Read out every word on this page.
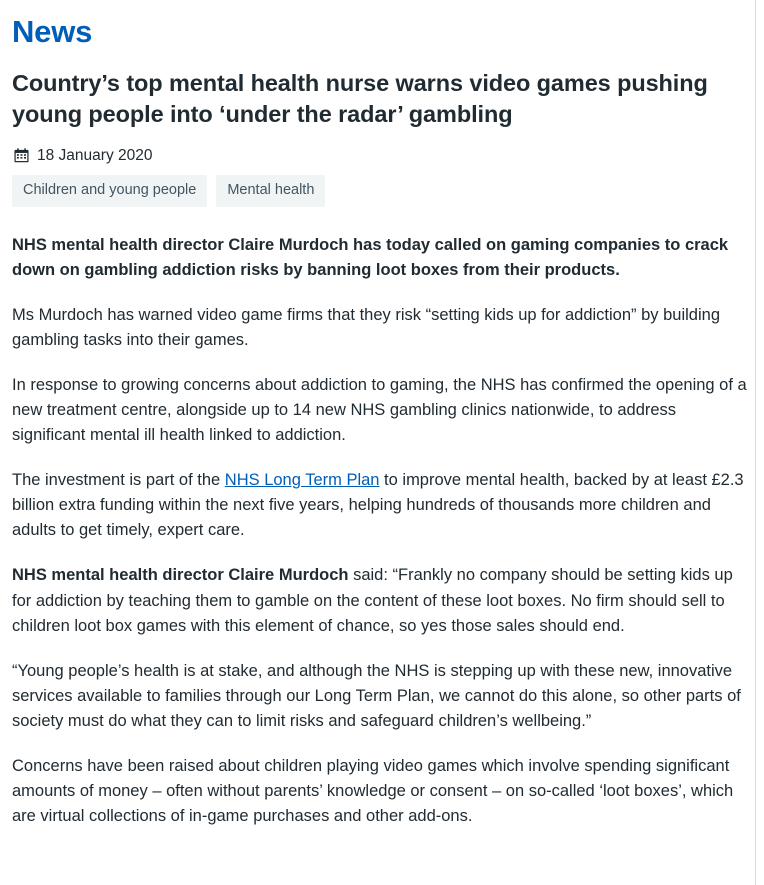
News
Country’s top mental health nurse warns video games pushing young people into ‘under the radar’ gambling
18 January 2020
Children and young people	Mental health

NHS mental health director Claire Murdoch has today called on gaming companies to crack down on gambling addiction risks by banning loot boxes from their products.

Ms Murdoch has warned video game firms that they risk “setting kids up for addiction” by building gambling tasks into their games.

In response to growing concerns about addiction to gaming, the NHS has confirmed the opening of a new treatment centre, alongside up to 14 new NHS gambling clinics nationwide, to address significant mental ill health linked to addiction.

The investment is part of the NHS Long Term Plan to improve mental health, backed by at least £2.3 billion extra funding within the next five years, helping hundreds of thousands more children and adults to get timely, expert care.

NHS mental health director Claire Murdoch said: “Frankly no company should be setting kids up for addiction by teaching them to gamble on the content of these loot boxes. No firm should sell to children loot box games with this element of chance, so yes those sales should end.

“Young people’s health is at stake, and although the NHS is stepping up with these new, innovative services available to families through our Long Term Plan, we cannot do this alone, so other parts of society must do what they can to limit risks and safeguard children’s wellbeing.”

Concerns have been raised about children playing video games which involve spending significant amounts of money – often without parents’ knowledge or consent – on so-called ‘loot boxes’, which are virtual collections of in-game purchases and other add-ons.
